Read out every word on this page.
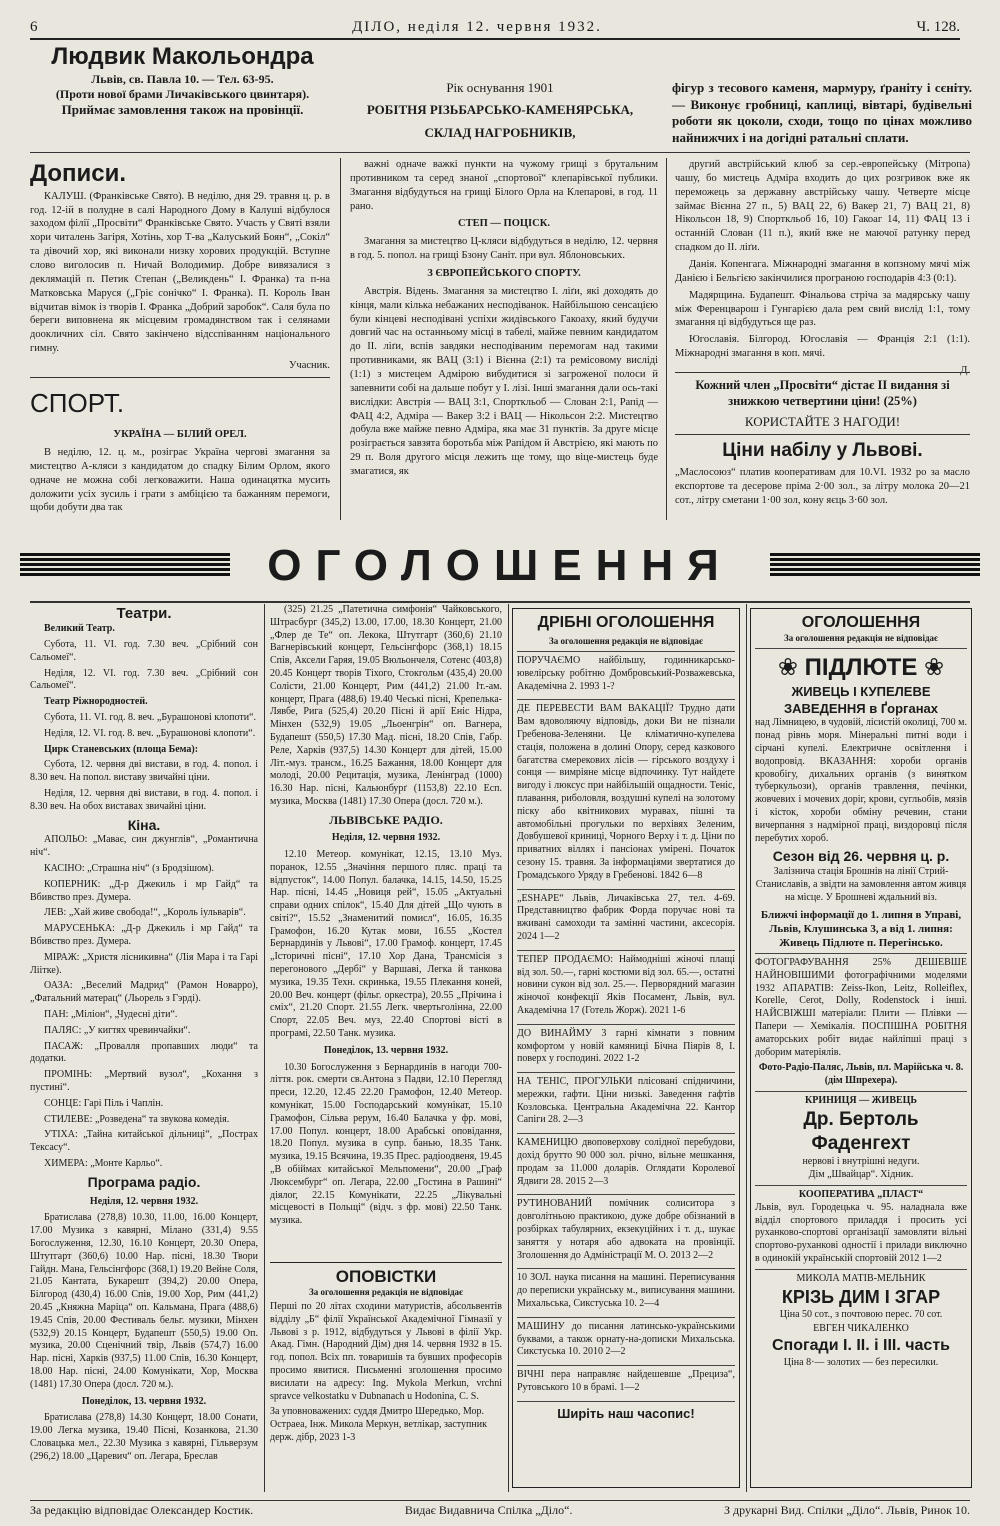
6	ДІЛО, неділя 12. червня 1932.	Ч. 128.
Людвик Макольондра
Львів, св. Павла 10. — Тел. 63-95.
(Проти нової брами Личаківського цвинтаря).
Приймає замовлення також на провінції.
Рік оснування 1901
РОБІТНЯ РІЗЬБАРСЬКО-КАМЕНЯРСЬКА,
СКЛАД НАГРОБНИКІВ,
фігур з тесового каменя, мармуру, ґраніту і сєніту. — Виконує гробниці, каплиці, вівтарі, будівельні роботи як цоколи, сходи, тощо по цінах можливо найнижчих і на догідні ратальні сплати.
Дописи.

КАЛУШ. (Франківське Свято). В неділю, дня 29. травня ц. р. в год. 12-ій в полудне в салі Народного Дому в Калуші відбулося заходом філії „Просвіти“ Франківське Свято. Участь у Святі взяли хори читалень Загіря, Хотінь, хор Т-ва „Калуський Боян“, „Сокіл“ та дівочий хор, які виконали низку хорових продукцій. Вступне слово виголосив п. Ничай Володимир. Добре вивязалися з деклямацій п. Петик Степан („Великдень“ І. Франка) та п-на Матковська Маруся („Гріє сонічко“ І. Франка). П. Король Іван відчитав вімок із творів І. Франка „Добрий заробок“. Саля була по береги виповнена як місцевим громадянством так і селянами доокличних сіл. Свято закінчено відсспіванням національного гимну.

Учасник.

СПОРТ.

УКРАЇНА — БІЛИЙ ОРЕЛ.

В неділю, 12. ц. м., розіграє Україна чергові змагання за мистецтво А-кляси з кандидатом до спадку Білим Орлом, якого одначе не можна собі легковажити. Наша одинацятка мусить доложити усіх зусиль і грати з амбіцією та бажанням перемоги, щоби добути два так

важні одначе важкі пункти на чужому грищі з брутальним противником та серед знаної „спортової“ клепарівської публики. Змагання відбудуться на грищі Білого Орла на Клепарові, в год. 11 рано.

СТЕП — ПОЦІСК.

Змагання за мистецтво Ц-кляси відбудуться в неділю, 12. червня в год. 5. попол. на грищі Бзону Саніт. при вул. Яблоновських.

З ЄВРОПЕЙСЬКОГО СПОРТУ.

Австрія. Відень. Змагання за мистецтво І. ліґи, які доходять до кінця, мали кілька небажаних несподіванок. Найбільшою сенсацією були кінцеві несподівані успіхи жидівського Гакоаху, який будучи довгий час на останньому місці в табелі, майже певним кандидатом до ІІ. ліґи, вспів завдяки несподіваним перемогам над такими противниками, як ВАЦ (3:1) і Вієнна (2:1) та ремісовому висліді (1:1) з мистецем Адмірою вибудитися зі загроженої полоси й запевнити собі на дальше побут у І. лізі. Інші змагання дали ось-такі вислідки: Австрія — ВАЦ 3:1, Спорткльоб — Слован 2:1, Рапід — ФАЦ 4:2, Адміра — Вакер 3:2 і ВАЦ — Нікольсон 2:2. Мистецтво добула вже майже певно Адміра, яка має 31 пунктів. За друге місце розіграється завзята боротьба між Рапідом й Австрією, які мають по 29 п. Воля другого місця лежить ще тому, що віце-мистець буде змагатися, як

другий австрійський клюб за сер.-европейську (Мітропа) чашу, бо мистець Адміра входить до цих розгривок вже як переможець за державну австрійську чашу. Четверте місце займає Вієнна 27 п., 5) ВАЦ 22, 6) Вакер 21, 7) ВАЦ 21, 8) Нікольсон 18, 9) Спорткльоб 16, 10) Гакоаг 14, 11) ФАЦ 13 і останній Слован (11 п.), який вже не маючої ратунку перед спадком до ІІ. ліґи.

Данія. Копенгага. Міжнародні змагання в копзному мячі між Данією і Бельгією закінчилися програною господарів 4:3 (0:1).

Мадярщина. Будапешт. Фінальова стріча за мадярську чашу між Ференцварош і Гунгарією дала рем свий вислід 1:1, тому змагання ці відбудуться ще раз.

Югославія. Білгород. Югославія — Франція 2:1 (1:1). Міжнародні змагання в коп. мячі.

Д.

Кожний член „Просвіти“ дістає ІІ видання зі знижкою четвертини ціни! (25%)
КОРИСТАЙТЕ З НАГОДИ!
Ціни набілу у Львові.
„Маслосоюз“ платив кооперативам для 10.VI. 1932 ро за масло експортове та десерове пріма 2·00 зол., за літру молока 20—21 сот., літру сметани 1·00 зол, кону яєць 3·60 зол.
ОГОЛОШЕННЯ
Театри.

Великий Театр.

Субота, 11. VI. год. 7.30 веч. „Срібний сон Сальомеї“.

Неділя, 12. VI. год. 7.30 веч. „Срібний сон Сальомеї“.

Театр Ріжнородностей.

Субота, 11. VI. год. 8. веч. „Бурашоновi клопоти“.

Неділя, 12. VI. год. 8. веч. „Бурашонові клопоти“.

Цирк Станевських (площа Бема):

Субота, 12. червня дві вистави, в год. 4. попол. і 8.30 веч. На попол. виставу звичайні ціни.

Неділя, 12. червня дві вистави, в год. 4. попол. і 8.30 веч. На обох виставах звичайні ціни.

Кіна.

АПОЛЬО: „Маває, син джунглів“, „Романтична ніч“.

КАСІНО: „Страшна ніч“ (з Бродзішом).

КОПЕРНИК: „Д-р Джекиль і мр Гайд“ та Вбивство през. Думера.

ЛЕВ: „Хай живе свобода!“, „Король іульварів“.

МАРУСЕНЬКА: „Д-р Джекиль і мр Гайд“ та Вбивство през. Думера.

МІРАЖ: „Христя лісникивна“ (Лія Мара і та Гарі Ліітке).

ОАЗА: „Веселий Мадрид“ (Рамон Новарро), „Фатальний матерац“ (Льорель з Гэрді).

ПАН: „Міліон“, „Чудесні діти“.

ПАЛЯС: „У кигтях чревинчайки“.

ПАСАЖ: „Провалля пропавших люди“ та додатки.

ПРОМІНЬ: „Мертвий вузол“, „Кохання з пустині“.

СОНЦЕ: Гарі Піль і Чаплін.

СТИЛЕВЕ: „Розведена“ та звукова комедія.

УТІХА: „Тайна китайської дільниці“, „Пострах Тексасу“.

ХИМЕРА: „Монте Карльо“.

Програма радіо.

Неділя, 12. червня 1932.

Братислава (278,8) 10.30, 11.00, 16.00 Концерт, 17.00 Музика з кавярні, Мілано (331,4) 9.55 Богослуження, 12.30, 16.10 Концерт, 20.30 Опера, Штутгарт (360,6) 10.00 Нар. пісні, 18.30 Твори Гайдн. Мана, Гельсінгфорс (368,1) 19.20 Вейне Соля, 21.05 Кантата, Букарешт (394,2) 20.00 Опера, Білгород (430,4) 16.00 Спів, 19.00 Хор, Рим (441,2) 20.45 „Княжна Маріца“ оп. Кальмана, Прага (488,6) 19.45 Спів, 20.00 Фестиваль бельг. музики, Мінхен (532,9) 20.15 Концерт, Будапешт (550,5) 19.00 Оп. музика, 20.00 Сценічний твір, Львів (574,7) 16.00 Нар. пісні, Харків (937,5) 11.00 Спів, 16.30 Концерт, 18.00 Нар. пісні, 24.00 Комунікати, Хор, Москва (1481) 17.30 Опера (досл. 720 м.).

Понеділок, 13. червня 1932.

Братислава (278,8) 14.30 Концерт, 18.00 Сонати, 19.00 Легка музика, 19.40 Пісні, Козанкова, 21.30 Словацька мел., 22.30 Музика з кавярні, Гільверзум (296,2) 18.00 „Царевич“ оп. Легара, Бреслав

(325) 21.25 „Патетична симфонія“ Чайковського, Штрасбург (345,2) 13.00, 17.00, 18.30 Концерт, 21.00 „Флер де Те“ оп. Лекока, Штутгарт (360,6) 21.10 Вагнерівський концерт, Гельсінгфорс (368,1) 18.15 Спів, Аксели Гаряя, 19.05 Вюльончеля, Сотенс (403,8) 20.45 Концерт творів Тіхого, Стокгольм (435,4) 20.00 Солісти, 21.00 Концерт, Рим (441,2) 21.00 Іт.-ам. концерт, Прага (488,6) 19.40 Чеські пісні, Крепелька-Лявбе, Рига (525,4) 20.20 Пісні й арії Еніс Нідра, Мінхен (532,9) 19.05 „Льоенгрін“ оп. Вагнера, Будапешт (550,5) 17.30 Мад. пісні, 18.20 Спів, Габр. Реле, Харків (937,5) 14.30 Концерт для дітей, 15.00 Літ.-муз. трансм., 16.25 Бажання, 18.00 Концерт для молоді, 20.00 Рецитація, музика, Ленінград (1000) 16.30 Нар. пісні, Кальюнбурґ (1153,8) 22.10 Есп. музика, Москва (1481) 17.30 Опера (досл. 720 м.).

ЛЬВІВСЬКЕ РАДІО.

Неділя, 12. червня 1932.

12.10 Метеор. комунікат, 12.15, 13.10 Муз. поранок, 12.55 „Значіння першого пляс. праці та відпусток“, 14.00 Попул. балачка, 14.15, 14.50, 15.25 Нар. пісні, 14.45 „Новиця рей“, 15.05 „Актуальні справи одних спілок“, 15.40 Для дітей „Що чують в світі?“, 15.52 „Знаменитий помисл“, 16.05, 16.35 Грамофон, 16.20 Кутак мови, 16.55 „Костел Бернардинів у Львові“, 17.00 Грамоф. концерт, 17.45 „Історичні пісні“, 17.10 Хор Дана, Трансмісія з перегонового „Дербі“ у Варшаві, Легка й танкова музика, 19.35 Техн. скринька, 19.55 Плекання коней, 20.00 Веч. концерт (фільг. оркестра), 20.55 „Прічина і сміх“, 21.20 Спорт. 21.55 Легк. чвертьголінна, 22.00 Спорт, 22.05 Веч. муз, 22.40 Спортові вісті в програмі, 22.50 Танк. музика.

Понеділок, 13. червня 1932.

10.30 Богослуження з Бернардинів в нагоди 700-ліття. рок. смерти св.Антона з Падви, 12.10 Перегляд преси, 12.20, 12.45 22.20 Грамофон, 12.40 Метеор. комунікат, 15.00 Господарський комунікат, 15.10 Грамофон, Сільва рерум, 16.40 Балачка у фр. мові, 17.00 Попул. концерт, 18.00 Арабські оповідання, 18.20 Попул. музика в супр. банью, 18.35 Танк. музика, 19.15 Всячина, 19.35 Прес. радіоодвеня, 19.45 „В обіймах китайської Мельпомени“, 20.00 „Граф Люксембург“ оп. Легара, 22.00 „Гостина в Рашині“ діялог, 22.15 Комунікати, 22.25 „Лікувальні місцевості в Польщі“ (відч. з фр. мові) 22.50 Танк. музика.

ОПОВІСТКИ
За оголошення редакція не відповідає
Перші по 20 літах сходини матуристів, абсольвентів відділу „Б“ філії Української Академічної Гімназії у Львові з р. 1912, відбудуться у Львові в філії Укр. Акад. Гімн. (Народний Дім) дня 14. червня 1932 в 15. год. попол. Всіх пп. товаришів та бувших професорів просимо явитися. Письменні зголошення просимо висилати на адресу: Ing. Mykola Merkun, vrchni spravce velkostatku v Dubnanach u Hodonina, C. S.
За уповноважених: суддя Дмитро Шередько, Мор. Остраеа, Інж. Микола Меркун, ветлікар, заступник держ. дібр, 2023 1-3
ДРІБНІ ОГОЛОШЕННЯ
За оголошення редакція не відповідає

ПОРУЧАЄМО найбільшу, годинникарсько-ювелірську робітню Домбровський-Розважевська, Академічна 2. 1993 1-?

ДЕ ПЕРЕВЕСТИ ВАМ ВАКАЦІЇ? Трудно дати Вам вдоволяючу відповідь, доки Ви не пізнали Гребенова-Зеленяни. Це кліматично-купелева стація, положена в долині Опору, серед казкового багатства смерекових лісів — гірського воздуху і сонця — вимріяне місце відпочинку. Тут найдете вигоду і люксус при найбільшій ощадности. Теніс, плавання, риболовля, воздушні купелі на золотому піску або квітникових муравах, пішні та автомобільні прогульки по верхівях Зеленим, Довбушевої криниці, Чорного Верху і т. д. Ціни по приватних віллях і пансіонах умірені. Почaток сезону 15. травня. За інформаціями звертатися до Громадського Уряду в Гребенові. 1842 6—8

„ESHAPE“ Львів, Личаківська 27, тел. 4-69. Представництво фабрик Форда поручає нові та вживані самоходи та замінні частини, аксесорія. 2024 1—2

ТЕПЕР ПРОДАЄМО: Наймодніші жіночі плащі від зол. 50.—, гарні костюми від зол. 65.—, остатні новини сукон від зол. 25.—. Перворядний магазин жіночої конфекції Яків Посамент, Львів, вул. Академічна 17 (Готель Жорж). 2021 1-6

ДО ВИНАЙМУ 3 гарні кімнати з повним комфортом у новій камяниці Бічна Піярів 8, І. поверх у господині. 2022 1-2

НА ТЕНІС, ПРОГУЛЬКИ плісовані спідничини, мережки, гафти. Ціни низькі. Заведення гафтів Козловська. Центральна Академічна 22. Кантор Сапіги 28. 2—3

КАМЕНИЦЮ двоповерхову солідної перебудови, дохід брутто 90 000 зол. річно, вільне мешкання, продам за 11.000 доларів. Оглядати Королевої Ядвиги 28. 2015 2—3

РУТИНОВАНИЙ помічник солиситора з довголітньою практикою, дуже добре обізнаний в розбірках табулярних, екзекуційних і т. д., шукає заняття у нотаря або адвоката на провінції. Зголошення до Адміністрації М. О. 2013 2—2

10 ЗОЛ. наука писання на машині. Переписування до переписки українську м., виписування машини. Михальська, Сикстуська 10. 2—4

МАШИНУ до писання латинсько-українськими буквами, а також орнату-на-дописки Михальська. Сикстуська 10. 2010 2—2

ВІЧНІ пера направляє найдешевше „Прециза“, Рутовського 10 в брамі. 1—2

Ширіть наш часопис!
ОГОЛОШЕННЯ
За оголошення редакція не відповідає
❀ ПІДЛЮТЕ ❀
ЖИВЕЦЬ І КУПЕЛЕВЕ ЗАВЕДЕННЯ в Ґорганах

над Лімницею, в чудовій, лісистій околиці, 700 м. понад рівнь моря. Мінеральні питні води і сірчані купелі. Електричне освітлення і водопровід. ВКАЗАННЯ: хороби органів кровобігу, дихальних органів (з виняткoм туберкульози), органів травлення, печінки, жовчевих і мочевих доріг, крови, сугльобів, мязів і кісток, хороби обміну речевин, стани вичерпання з надмірної праці, виздоровці після перебутих хороб.

Сезон від 26. червня ц. р.

Залізнича стація Брошнів на лінії Стрий-Станиславів, а звідти на замовлення автом живця на місце. У Брошневі ждальний віз.

Ближчі інформації до 1. липня в Управі, Львів, Клушинська 3, а від 1. липня:
Живець Підлюте п. Перегінсько.

ФОТОГРАФУВАННЯ 25% ДЕШЕВШЕ НАЙНОВІШИМИ фотографічними моделями 1932 АПАРАТІВ: Zeiss-Ikon, Leitz, Rolleiflex, Korelle, Cerot, Dolly, Rodenstock і інші. НАЙСВІЖШІ матеріали: Плити — Плівки — Папери — Хемікалія. ПОСПІШНА РОБІТНЯ аматорських робіт видає найліпші праці з доборим матеріялів.

Фото-Радіо-Паляс, Львів, пл. Марійська ч. 8. (дім Шпрехера).
КРИНИЦЯ — ЖИВЕЦЬ
Др. Бертоль Фаденгехт
нервові і внутрішні недуги.
Дім „Швайцар“. Хідник.
КООПЕРАТИВА „ПЛАСТ“

Львів, вул. Городецька ч. 95. наладнала вже відділ спортового приладдя і просить усі руханково-спортові організації замовляти вільні спортово-руханкові одностії і прилади виключно в одинокій українській спортовій 2012 1—2

МИКОЛА МАТІВ-МЕЛЬНИК
КРІЗЬ ДИМ І ЗГАР
Ціна 50 сот., з почтовою перес. 70 сот.
ЕВГЕН ЧИКАЛЕНКО
Спогади І. ІІ. і ІІІ. часть
Ціна 8·— золотих — без пересилки.
За редакцію відповідає Олександер Костик.	Видає Видавнича Спілка „Діло“.	З друкарні Вид. Спілки „Діло“. Львів, Ринок 10.
